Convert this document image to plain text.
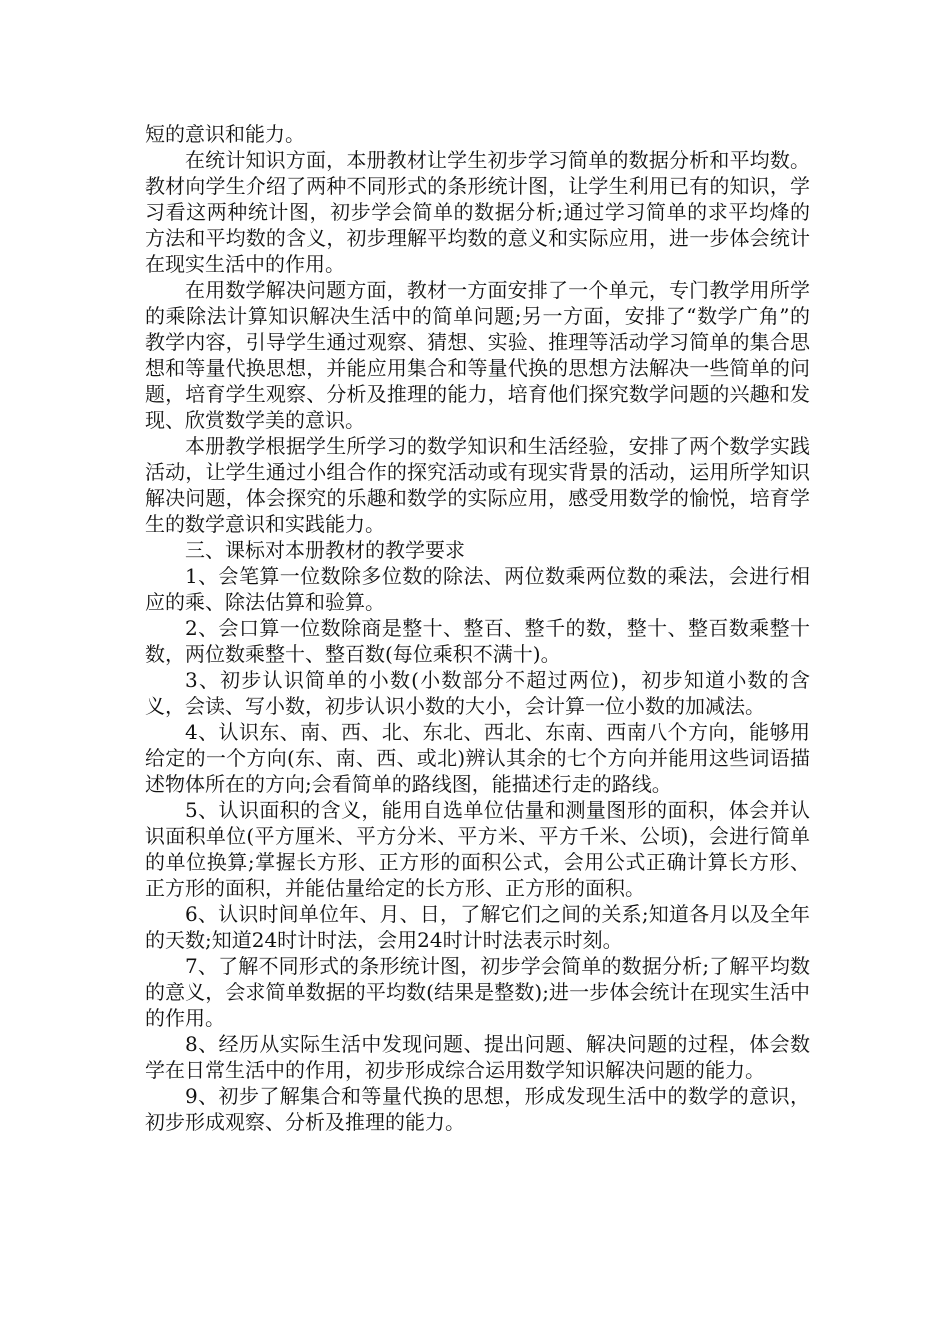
短的意识和能力。

在统计知识方面，本册教材让学生初步学习简单的数据分析和平均数。教材向学生介绍了两种不同形式的条形统计图，让学生利用已有的知识，学习看这两种统计图，初步学会简单的数据分析;通过学习简单的求平均烽的方法和平均数的含义，初步理解平均数的意义和实际应用，进一步体会统计在现实生活中的作用。

在用数学解决问题方面，教材一方面安排了一个单元，专门教学用所学的乘除法计算知识解决生活中的简单问题;另一方面，安排了“数学广角”的教学内容，引导学生通过观察、猜想、实验、推理等活动学习简单的集合思想和等量代换思想，并能应用集合和等量代换的思想方法解决一些简单的问题，培育学生观察、分析及推理的能力，培育他们探究数学问题的兴趣和发现、欣赏数学美的意识。

本册教学根据学生所学习的数学知识和生活经验，安排了两个数学实践活动，让学生通过小组合作的探究活动或有现实背景的活动，运用所学知识解决问题，体会探究的乐趣和数学的实际应用，感受用数学的愉悦，培育学生的数学意识和实践能力。

三、课标对本册教材的教学要求

1、会笔算一位数除多位数的除法、两位数乘两位数的乘法，会进行相应的乘、除法估算和验算。

2、会口算一位数除商是整十、整百、整千的数，整十、整百数乘整十数，两位数乘整十、整百数(每位乘积不满十)。

3、初步认识简单的小数(小数部分不超过两位)，初步知道小数的含义，会读、写小数，初步认识小数的大小，会计算一位小数的加减法。

4、认识东、南、西、北、东北、西北、东南、西南八个方向，能够用给定的一个方向(东、南、西、或北)辨认其余的七个方向并能用这些词语描述物体所在的方向;会看简单的路线图，能描述行走的路线。

5、认识面积的含义，能用自选单位估量和测量图形的面积，体会并认识面积单位(平方厘米、平方分米、平方米、平方千米、公顷)，会进行简单的单位换算;掌握长方形、正方形的面积公式，会用公式正确计算长方形、正方形的面积，并能估量给定的长方形、正方形的面积。

6、认识时间单位年、月、日，了解它们之间的关系;知道各月以及全年的天数;知道24时计时法，会用24时计时法表示时刻。

7、了解不同形式的条形统计图，初步学会简单的数据分析;了解平均数的意义，会求简单数据的平均数(结果是整数);进一步体会统计在现实生活中的作用。

8、经历从实际生活中发现问题、提出问题、解决问题的过程，体会数学在日常生活中的作用，初步形成综合运用数学知识解决问题的能力。

9、初步了解集合和等量代换的思想，形成发现生活中的数学的意识，初步形成观察、分析及推理的能力。
